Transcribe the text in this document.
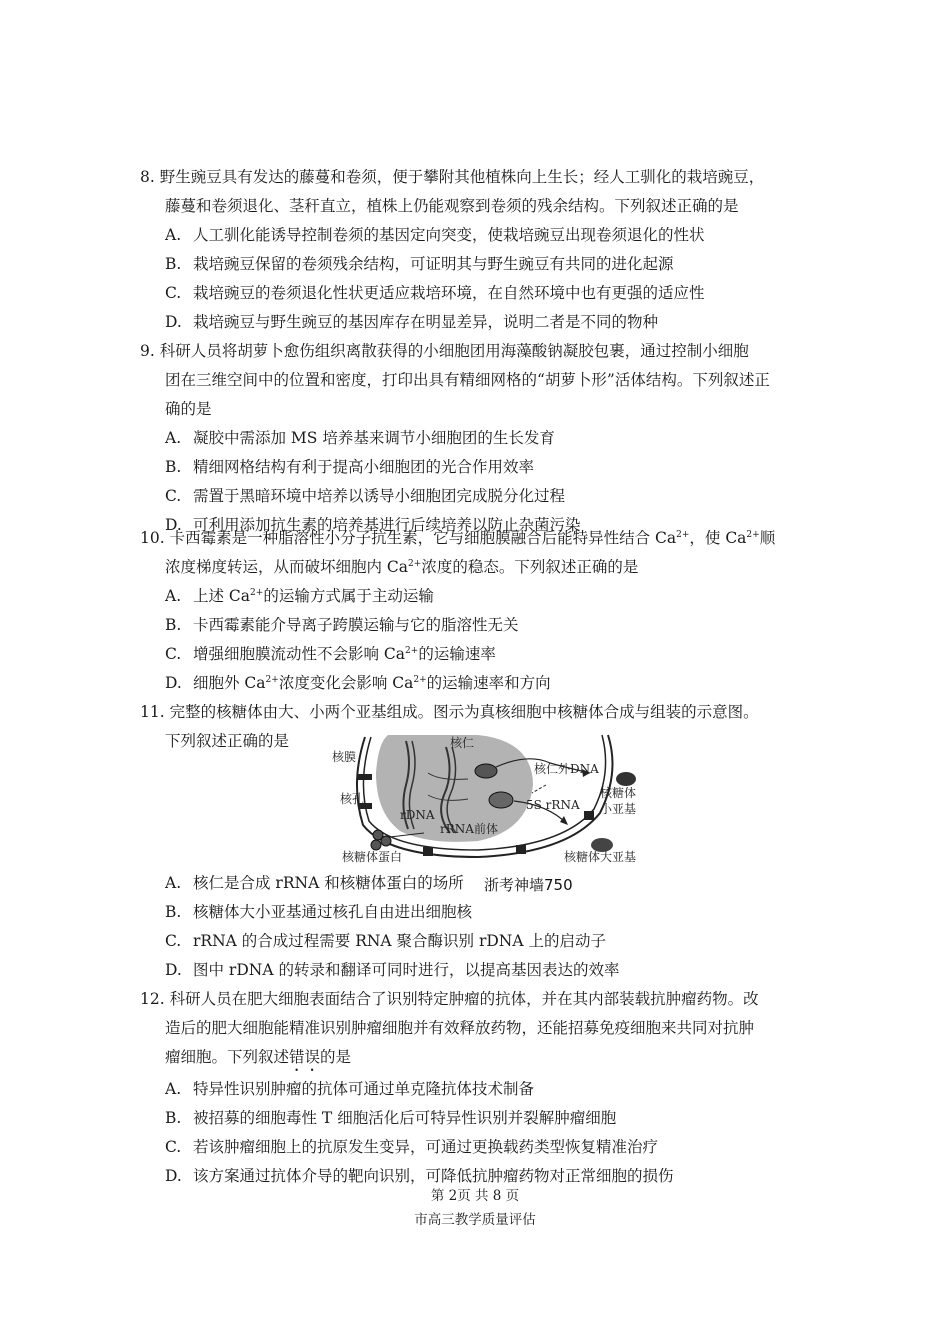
8. 野生豌豆具有发达的藤蔓和卷须，便于攀附其他植株向上生长；经人工驯化的栽培豌豆，
藤蔓和卷须退化、茎秆直立，植株上仍能观察到卷须的残余结构。下列叙述正确的是
A. 人工驯化能诱导控制卷须的基因定向突变，使栽培豌豆出现卷须退化的性状
B. 栽培豌豆保留的卷须残余结构，可证明其与野生豌豆有共同的进化起源
C. 栽培豌豆的卷须退化性状更适应栽培环境，在自然环境中也有更强的适应性
D. 栽培豌豆与野生豌豆的基因库存在明显差异，说明二者是不同的物种
9. 科研人员将胡萝卜愈伤组织离散获得的小细胞团用海藻酸钠凝胶包裹，通过控制小细胞
团在三维空间中的位置和密度，打印出具有精细网格的“胡萝卜形”活体结构。下列叙述正
确的是
A. 凝胶中需添加 MS 培养基来调节小细胞团的生长发育
B. 精细网格结构有利于提高小细胞团的光合作用效率
C. 需置于黑暗环境中培养以诱导小细胞团完成脱分化过程
D. 可利用添加抗生素的培养基进行后续培养以防止杂菌污染
10. 卡西霉素是一种脂溶性小分子抗生素，它与细胞膜融合后能特异性结合 $Ca^{2+}$，使 $Ca^{2+}$顺
浓度梯度转运，从而破坏细胞内 $Ca^{2+}$浓度的稳态。下列叙述正确的是
A. 上述 $Ca^{2+}$的运输方式属于主动运输
B. 卡西霉素能介导离子跨膜运输与它的脂溶性无关
C. 增强细胞膜流动性不会影响 $Ca^{2+}$的运输速率
D. 细胞外 $Ca^{2+}$浓度变化会影响 $Ca^{2+}$的运输速率和方向
11. 完整的核糖体由大、小两个亚基组成。图示为真核细胞中核糖体合成与组装的示意图。
下列叙述正确的是	核仁
核膜
核孔
rDNA
rRNA前体
核仁外DNA
5S rRNA
核糖体
小亚基
核糖体蛋白	核糖体大亚基
浙考神墙750
A. 核仁是合成 rRNA 和核糖体蛋白的场所
B. 核糖体大小亚基通过核孔自由进出细胞核
C. rRNA 的合成过程需要 RNA 聚合酶识别 rDNA 上的启动子
D. 图中 rDNA 的转录和翻译可同时进行，以提高基因表达的效率
12. 科研人员在肥大细胞表面结合了识别特定肿瘤的抗体，并在其内部装载抗肿瘤药物。改
造后的肥大细胞能精准识别肿瘤细胞并有效释放药物，还能招募免疫细胞来共同对抗肿
瘤细胞。下列叙述错误的是
A. 特异性识别肿瘤的抗体可通过单克隆抗体技术制备
B. 被招募的细胞毒性 T 细胞活化后可特异性识别并裂解肿瘤细胞
C. 若该肿瘤细胞上的抗原发生变异，可通过更换载药类型恢复精准治疗
D. 该方案通过抗体介导的靶向识别，可降低抗肿瘤药物对正常细胞的损伤
第 2页 共 8 页
市高三教学质量评估
